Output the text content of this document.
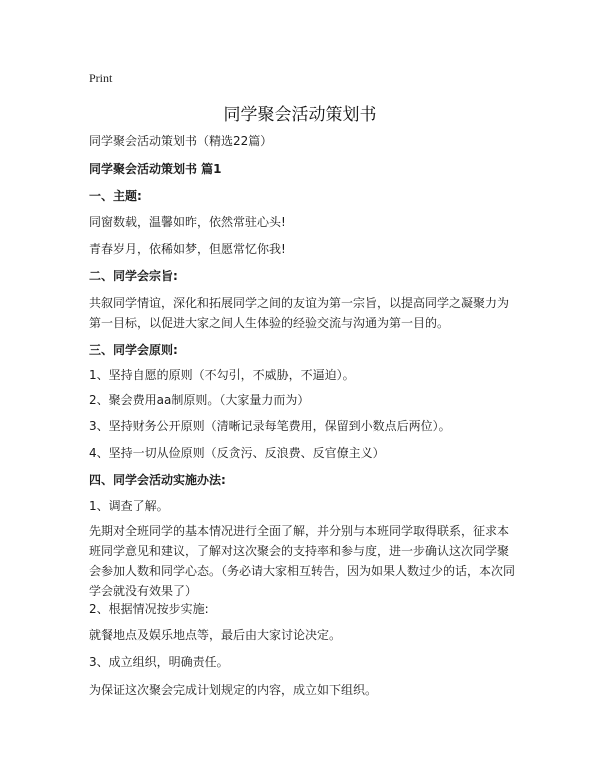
Print
同学聚会活动策划书
同学聚会活动策划书（精选22篇）
同学聚会活动策划书 篇1
一、主题:
同窗数载，温馨如昨，依然常驻心头!
青春岁月，依稀如梦，但愿常忆你我!
二、同学会宗旨:
共叙同学情谊，深化和拓展同学之间的友谊为第一宗旨，以提高同学之凝聚力为第一目标，以促进大家之间人生体验的经验交流与沟通为第一目的。
三、同学会原则:
1、坚持自愿的原则（不勾引，不威胁，不逼迫）。
2、聚会费用aa制原则。（大家量力而为）
3、坚持财务公开原则（清晰记录每笔费用，保留到小数点后两位）。
4、坚持一切从俭原则（反贪污、反浪费、反官僚主义）
四、同学会活动实施办法:
1、调查了解。
先期对全班同学的基本情况进行全面了解，并分别与本班同学取得联系，征求本班同学意见和建议，了解对这次聚会的支持率和参与度，进一步确认这次同学聚会参加人数和同学心态。（务必请大家相互转告，因为如果人数过少的话，本次同学会就没有效果了）
2、根据情况按步实施:
就餐地点及娱乐地点等，最后由大家讨论决定。
3、成立组织，明确责任。
为保证这次聚会完成计划规定的内容，成立如下组织。
